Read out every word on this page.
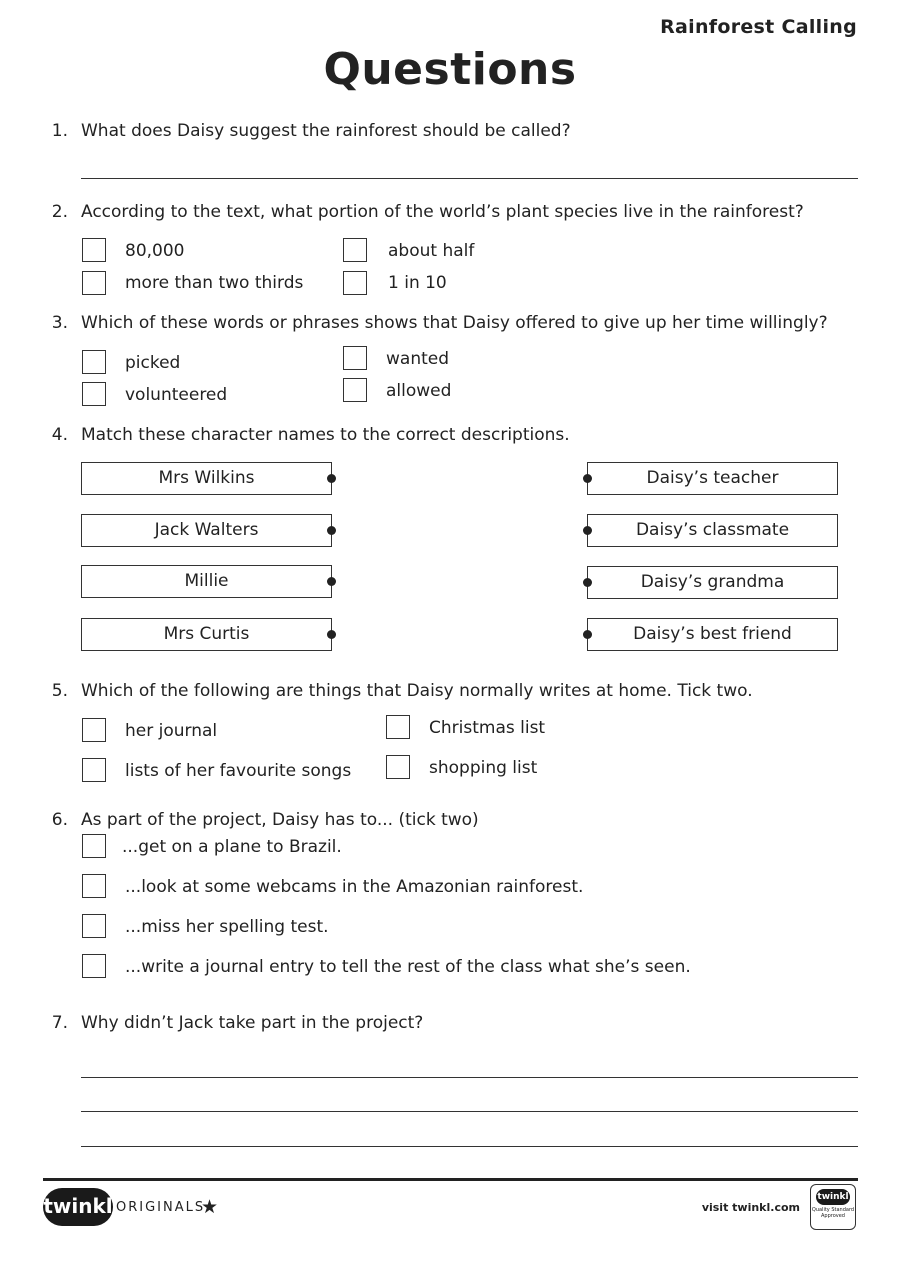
Rainforest Calling
Questions
1. What does Daisy suggest the rainforest should be called?
2. According to the text, what portion of the world’s plant species live in the rainforest?
80,000	about half
more than two thirds	1 in 10
3. Which of these words or phrases shows that Daisy offered to give up her time willingly?
picked	wanted
volunteered	allowed
4. Match these character names to the correct descriptions.
Mrs Wilkins	Daisy’s teacher
Jack Walters	Daisy’s classmate
Millie	Daisy’s grandma
Mrs Curtis	Daisy’s best friend
5. Which of the following are things that Daisy normally writes at home. Tick two.
her journal	Christmas list
lists of her favourite songs	shopping list
6. As part of the project, Daisy has to... (tick two)
...get on a plane to Brazil.
...look at some webcams in the Amazonian rainforest.
...miss her spelling test.
...write a journal entry to tell the rest of the class what she’s seen.
7. Why didn’t Jack take part in the project?
twinkl ORIGINALS
★	visit twinkl.com
twinkl
Quality Standard Approved
